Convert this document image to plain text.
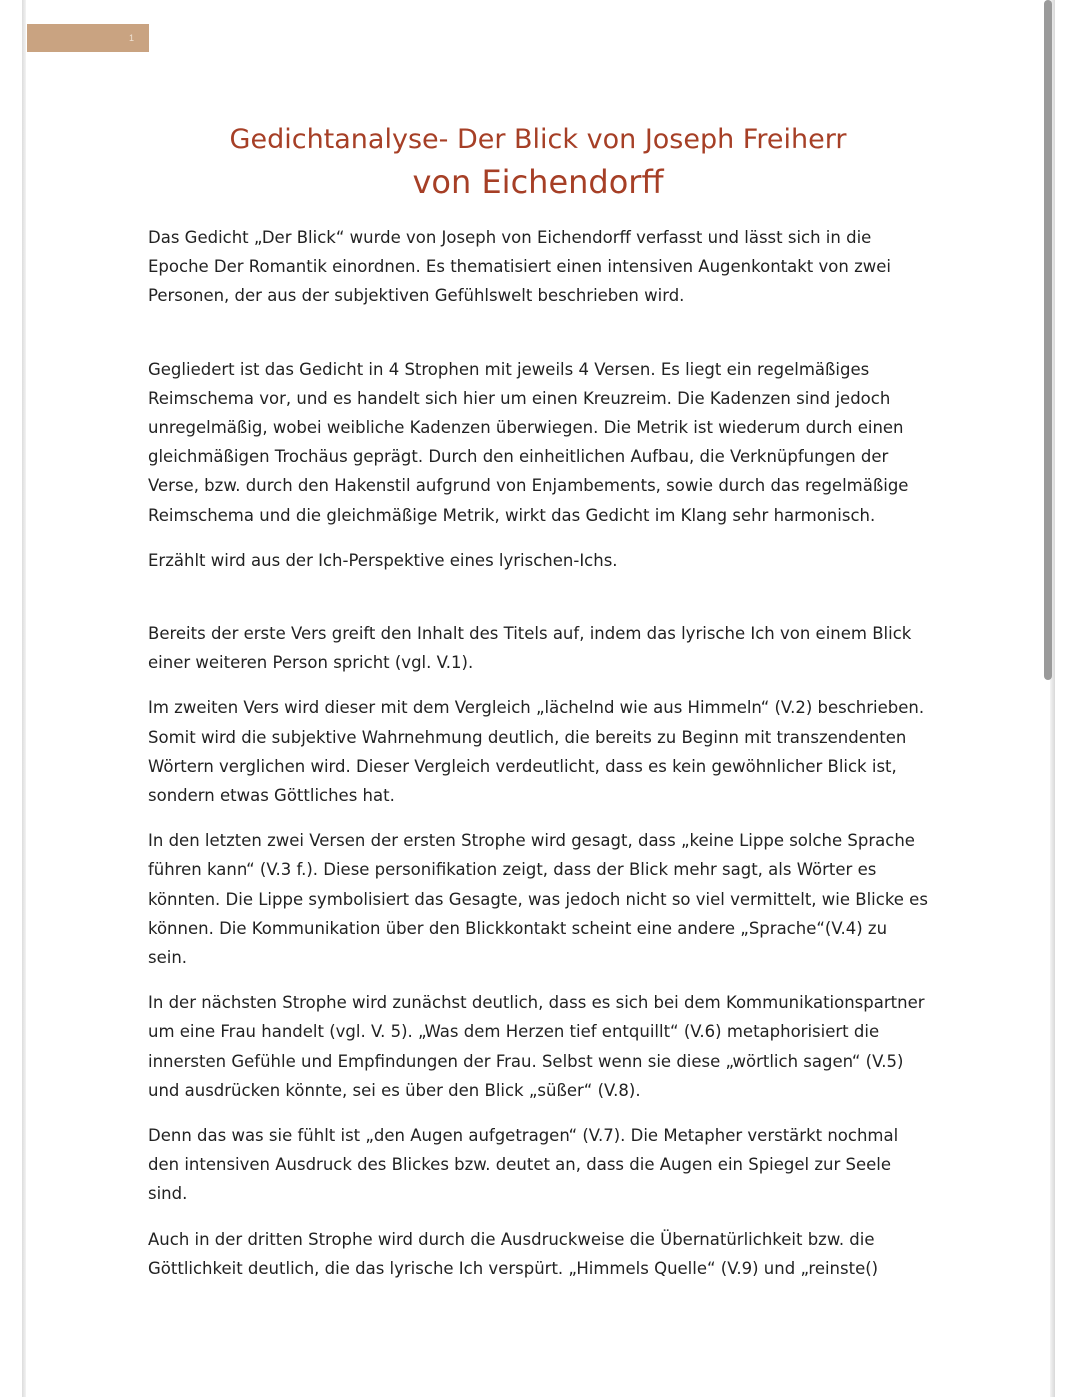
1
Gedichtanalyse- Der Blick von Joseph Freiherr
von Eichendorff

Das Gedicht „Der Blick“ wurde von Joseph von Eichendorff verfasst und lässt sich in die Epoche Der Romantik einordnen. Es thematisiert einen intensiven Augenkontakt von zwei Personen, der aus der subjektiven Gefühlswelt beschrieben wird.

Gegliedert ist das Gedicht in 4 Strophen mit jeweils 4 Versen. Es liegt ein regelmäßiges Reimschema vor, und es handelt sich hier um einen Kreuzreim. Die Kadenzen sind jedoch unregelmäßig, wobei weibliche Kadenzen überwiegen. Die Metrik ist wiederum durch einen gleichmäßigen Trochäus geprägt. Durch den einheitlichen Aufbau, die Verknüpfungen der Verse, bzw. durch den Hakenstil aufgrund von Enjambements, sowie durch das regelmäßige Reimschema und die gleichmäßige Metrik, wirkt das Gedicht im Klang sehr harmonisch.

Erzählt wird aus der Ich-Perspektive eines lyrischen-Ichs.

Bereits der erste Vers greift den Inhalt des Titels auf, indem das lyrische Ich von einem Blick einer weiteren Person spricht (vgl. V.1).

Im zweiten Vers wird dieser mit dem Vergleich „lächelnd wie aus Himmeln“ (V.2) beschrieben. Somit wird die subjektive Wahrnehmung deutlich, die bereits zu Beginn mit transzendenten Wörtern verglichen wird. Dieser Vergleich verdeutlicht, dass es kein gewöhnlicher Blick ist, sondern etwas Göttliches hat.

In den letzten zwei Versen der ersten Strophe wird gesagt, dass „keine Lippe solche Sprache führen kann“ (V.3 f.). Diese personifikation zeigt, dass der Blick mehr sagt, als Wörter es könnten. Die Lippe symbolisiert das Gesagte, was jedoch nicht so viel vermittelt, wie Blicke es können. Die Kommunikation über den Blickkontakt scheint eine andere „Sprache“(V.4) zu sein.

In der nächsten Strophe wird zunächst deutlich, dass es sich bei dem Kommunikationspartner um eine Frau handelt (vgl. V. 5). „Was dem Herzen tief entquillt“ (V.6) metaphorisiert die innersten Gefühle und Empfindungen der Frau. Selbst wenn sie diese „wörtlich sagen“ (V.5) und ausdrücken könnte, sei es über den Blick „süßer“ (V.8).

Denn das was sie fühlt ist „den Augen aufgetragen“ (V.7). Die Metapher verstärkt nochmal den intensiven Ausdruck des Blickes bzw. deutet an, dass die Augen ein Spiegel zur Seele sind.

Auch in der dritten Strophe wird durch die Ausdruckweise die Übernatürlichkeit bzw. die Göttlichkeit deutlich, die das lyrische Ich verspürt. „Himmels Quelle“ (V.9) und „reinste()
